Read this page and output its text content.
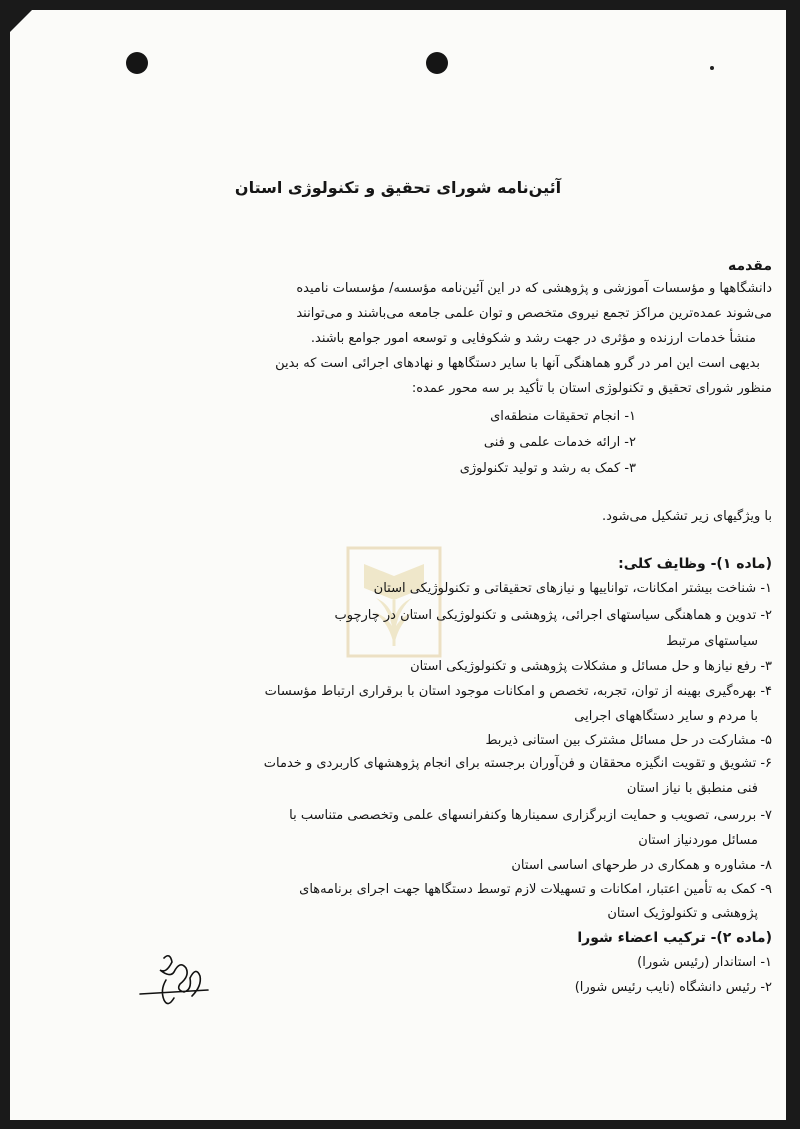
آئین‌نامه شورای تحقیق و تکنولوژی استان
مقدمه
دانشگاهها و مؤسسات آموزشی و پژوهشی که در این آئین‌نامه مؤسسه/ مؤسسات نامیده
می‌شوند عمده‌ترین مراکز تجمع نیروی متخصص و توان علمی جامعه می‌باشند و می‌توانند
منشأ خدمات ارزنده و مؤثری در جهت رشد و شکوفایی و توسعه امور جوامع باشند.
بدیهی است این امر در گرو هماهنگی آنها با سایر دستگاهها و نهادهای اجرائی است که بدین
منظور شورای تحقیق و تکنولوژی استان با تأکید بر سه محور عمده:
۱- انجام تحقیقات منطقه‌ای
۲- ارائه خدمات علمی و فنی
۳- کمک به رشد و تولید تکنولوژی
با ویژگیهای زیر تشکیل می‌شود.
(ماده ۱)- وظایف کلی:
۱- شناخت بیشتر امکانات، تواناییها و نیازهای تحقیقاتی و تکنولوژیکی استان
۲- تدوین و هماهنگی سیاستهای اجرائی، پژوهشی و تکنولوژیکی استان در چارچوب
سیاستهای مرتبط
۳- رفع نیازها و حل مسائل و مشکلات پژوهشی و تکنولوژیکی استان
۴- بهره‌گیری بهینه از توان، تجربه، تخصص و امکانات موجود استان با برقراری ارتباط مؤسسات
با مردم و سایر دستگاههای اجرایی
۵- مشارکت در حل مسائل مشترک بین استانی ذیربط
۶- تشویق و تقویت انگیزه محققان و فن‌آوران برجسته برای انجام پژوهشهای کاربردی و خدمات
فنی منطبق با نیاز استان
۷- بررسی، تصویب و حمایت ازبرگزاری سمینارها وکنفرانسهای علمی وتخصصی متناسب با
مسائل موردنیاز استان
۸- مشاوره و همکاری در طرحهای اساسی استان
۹- کمک به تأمین اعتبار، امکانات و تسهیلات لازم توسط دستگاهها جهت اجرای برنامه‌های
پژوهشی و تکنولوژیک استان
(ماده ۲)- ترکیب اعضاء شورا
۱- استاندار (رئیس شورا)
۲- رئیس دانشگاه (نایب رئیس شورا)
